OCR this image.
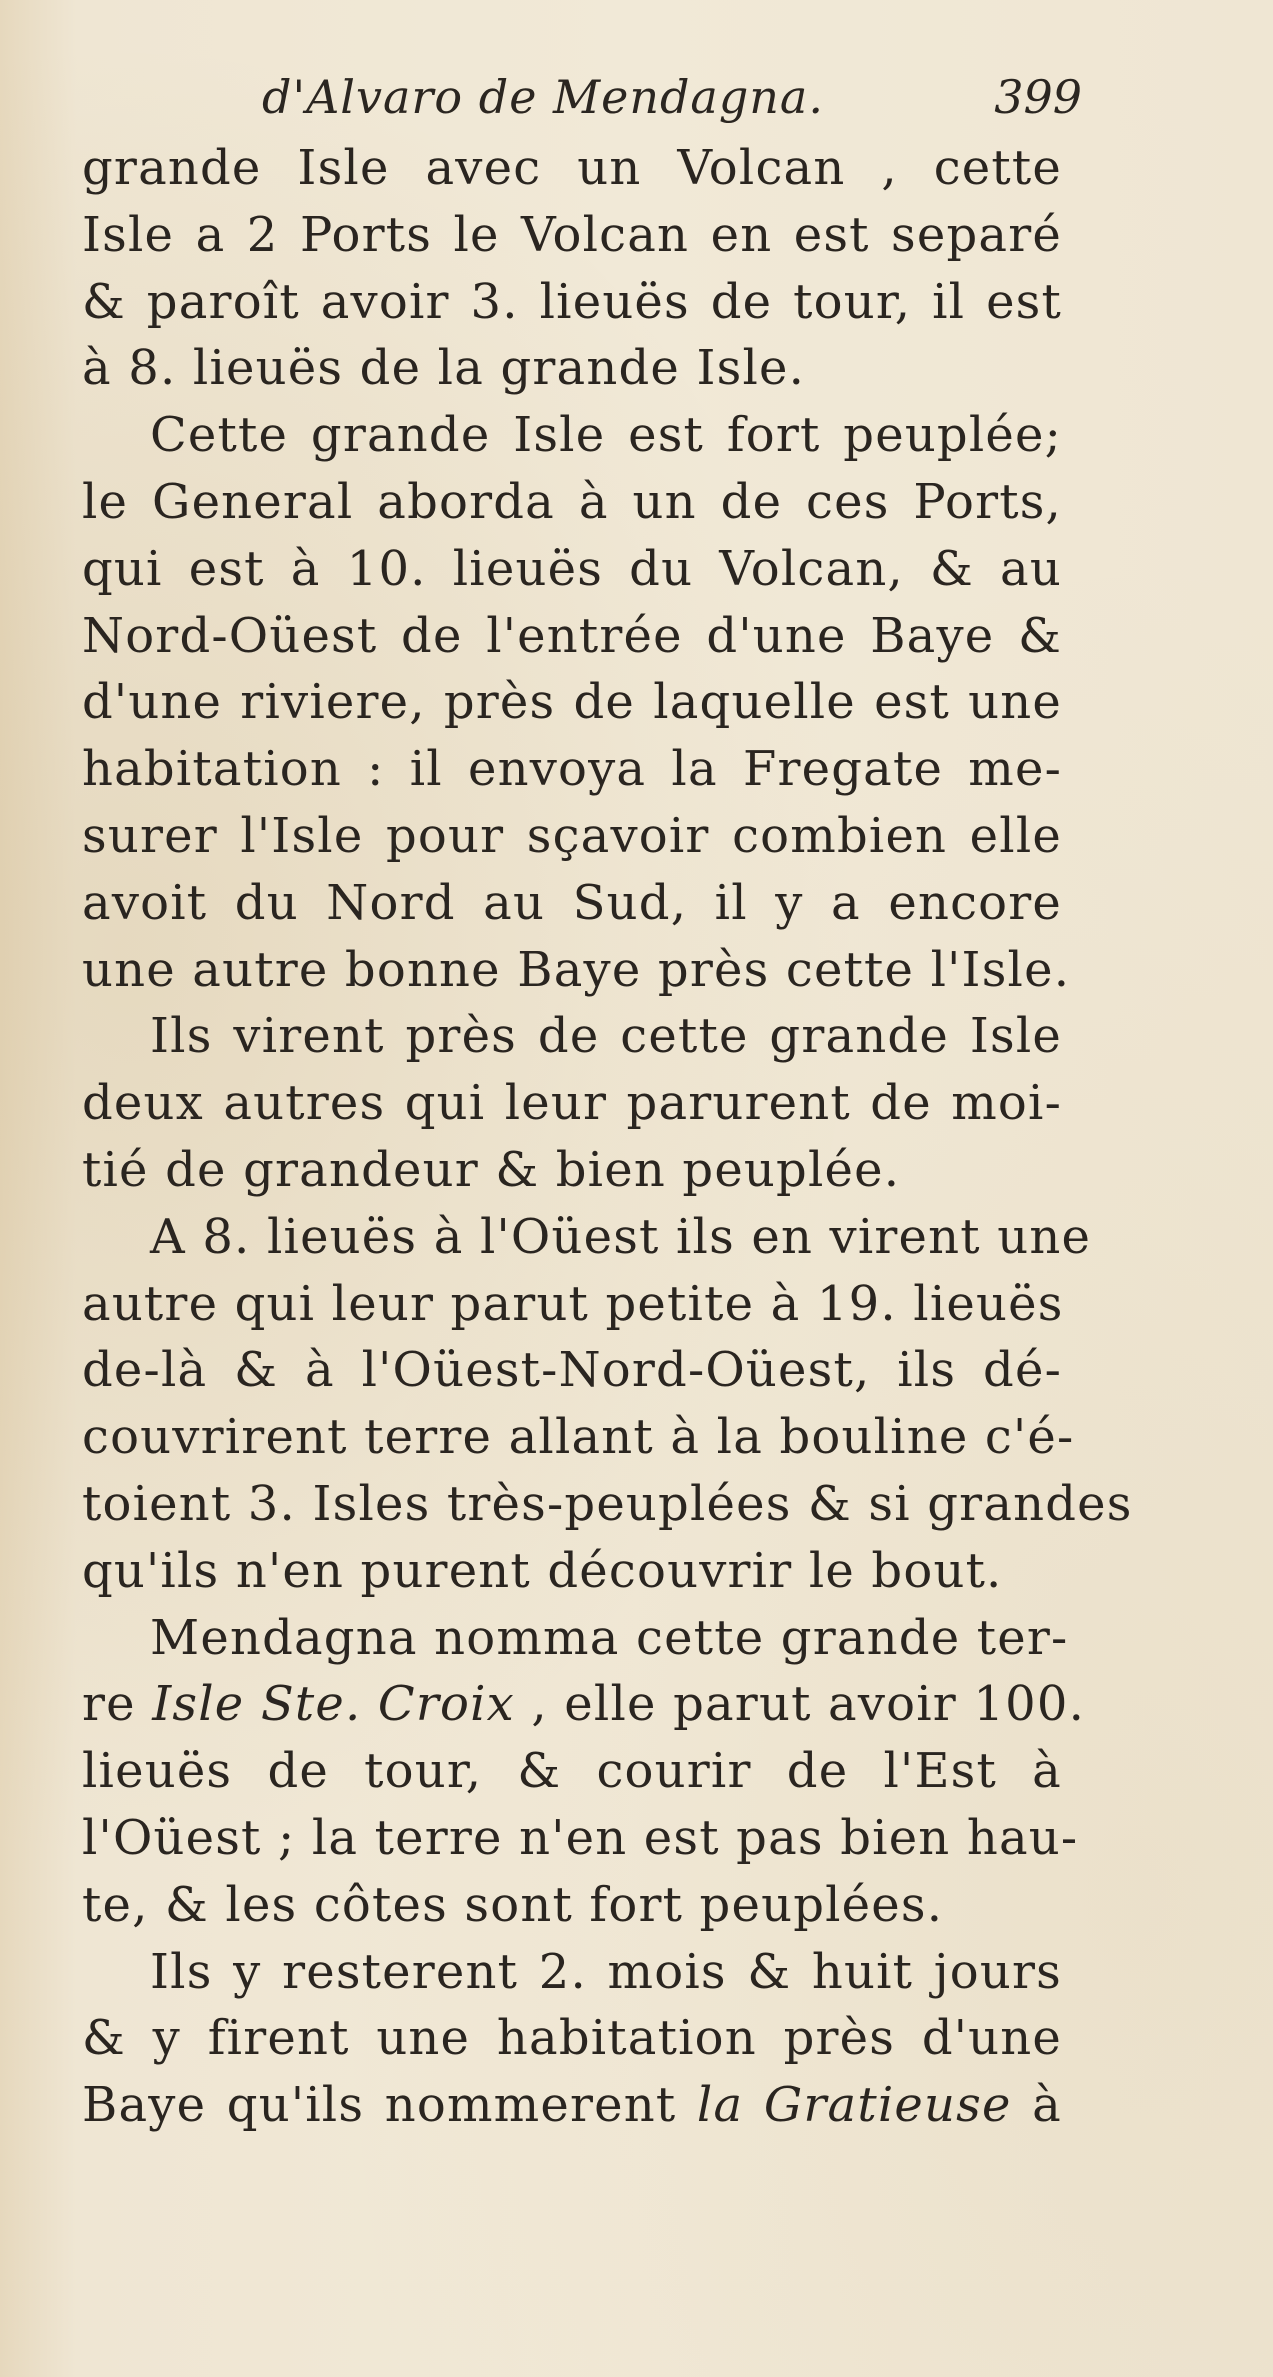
d'Alvaro de Mendagna.	399
grande Isle avec un Volcan , cette
Isle a 2 Ports le Volcan en est separé
& paroît avoir 3. lieuës de tour, il est
à 8. lieuës de la grande Isle.
Cette grande Isle est fort peuplée;
le General aborda à un de ces Ports,
qui est à 10. lieuës du Volcan, & au
Nord-Oüest de l'entrée d'une Baye &
d'une riviere, près de laquelle est une
habitation : il envoya la Fregate me-
surer l'Isle pour sçavoir combien elle
avoit du Nord au Sud, il y a encore
une autre bonne Baye près cette l'Isle.
Ils virent près de cette grande Isle
deux autres qui leur parurent de moi-
tié de grandeur & bien peuplée.
A 8. lieuës à l'Oüest ils en virent une
autre qui leur parut petite à 19. lieuës
de-là & à l'Oüest-Nord-Oüest, ils dé-
couvrirent terre allant à la bouline c'é-
toient 3. Isles très-peuplées & si grandes
qu'ils n'en purent découvrir le bout.
Mendagna nomma cette grande ter-
re Isle Ste. Croix , elle parut avoir 100.
lieuës de tour, & courir de l'Est à
l'Oüest ; la terre n'en est pas bien hau-
te, & les côtes sont fort peuplées.
Ils y resterent 2. mois & huit jours
& y firent une habitation près d'une
Baye qu'ils nommerent la Gratieuse à
